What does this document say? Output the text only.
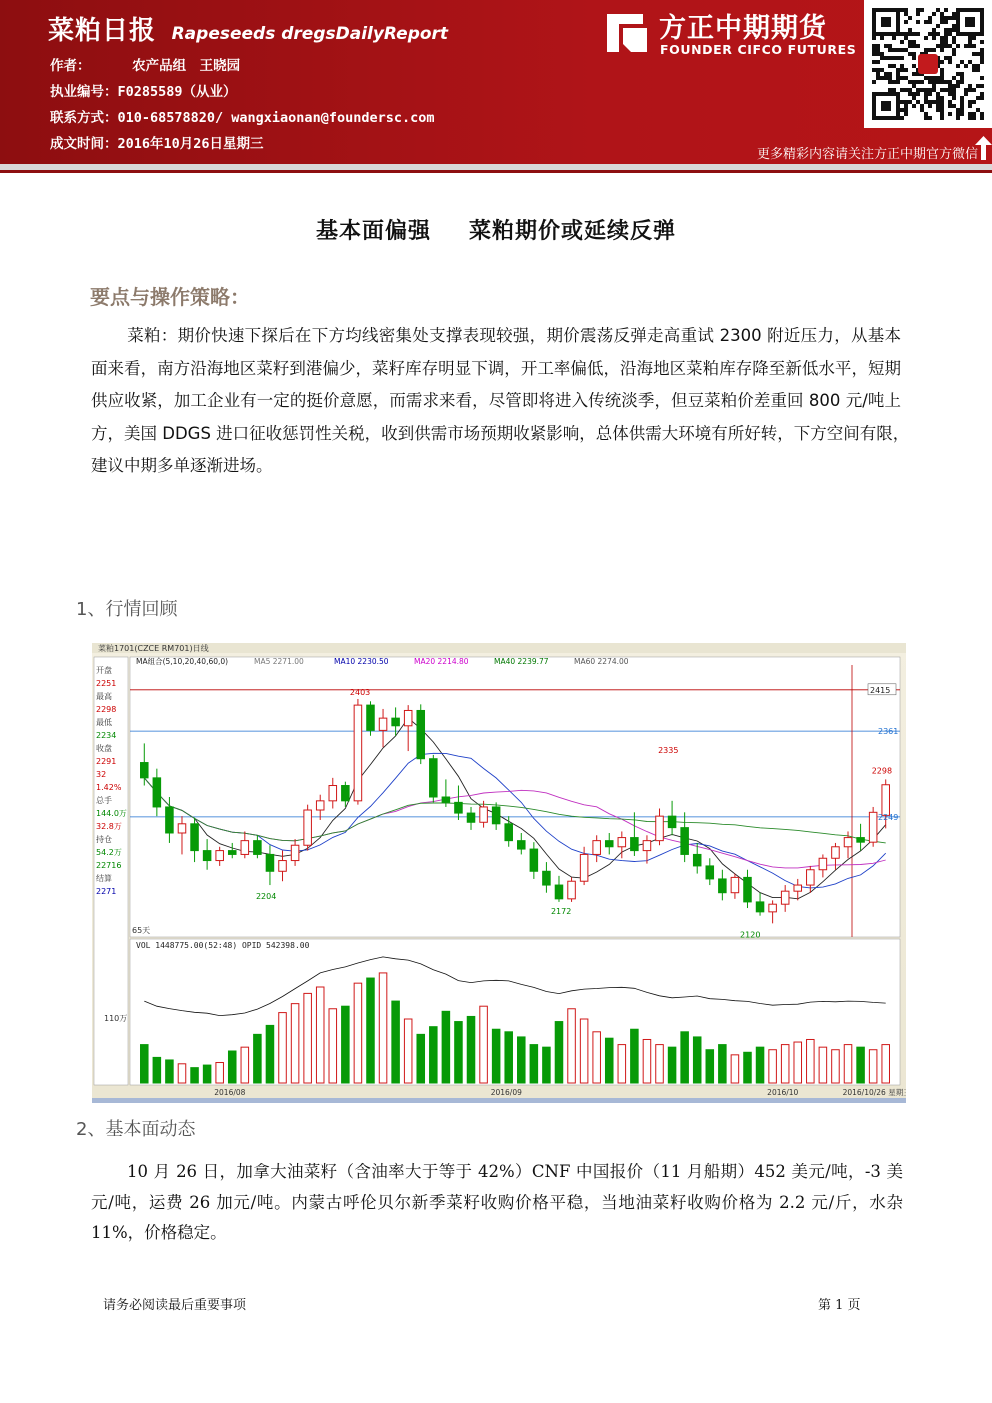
菜粕日报 Rapeseeds dregsDailyReport
作者：	农产品组　王晓园
执业编号：F0285589（从业）
联系方式：010-68578820/ wangxiaonan@foundersc.com
成文时间：2016年10月26日星期三
方正中期期货
FOUNDER CIFCO FUTURES
更多精彩内容请关注方正中期官方微信
基本面偏强 菜粕期价或延续反弹
要点与操作策略：
菜粕：期价快速下探后在下方均线密集处支撑表现较强，期价震荡反弹走高重试 2300 附近压力，从基本面来看，南方沿海地区菜籽到港偏少，菜籽库存明显下调，开工率偏低，沿海地区菜粕库存降至新低水平，短期供应收紧，加工企业有一定的挺价意愿，而需求来看，尽管即将进入传统淡季，但豆菜粕价差重回 800 元/吨上方，美国 DDGS 进口征收惩罚性关税，收到供需市场预期收紧影响，总体供需大环境有所好转，下方空间有限，　建议中期多单逐渐进场。
1、行情回顾
菜粕1701(CZCE RM701)日线
开盘
2251
最高
2298
最低
2234
收盘
2291
32
1.42%
总手
144.0万
32.8万
持仓
54.2万
22716
结算
2271
MA组合(5,10,20,40,60,0)	MA5 2271.00	MA10 2230.50	MA20 2214.80	MA40 2239.77	MA60 2274.00
2415
2361
2249
2403
2335
2298
2204
2172
2120
65天
VOL 1448775.00(52:48) OPID 542398.00
110万
2016/08	2016/09	2016/10	2016/10/26 星期三
2、基本面动态
10 月 26 日，加拿大油菜籽（含油率大于等于 42%）CNF 中国报价（11 月船期）452 美元/吨，-3 美元/吨，运费 26 加元/吨。内蒙古呼伦贝尔新季菜籽收购价格平稳，当地油菜籽收购价格为 2.2 元/斤，水杂 11%，价格稳定。
请务必阅读最后重要事项	第 1 页
